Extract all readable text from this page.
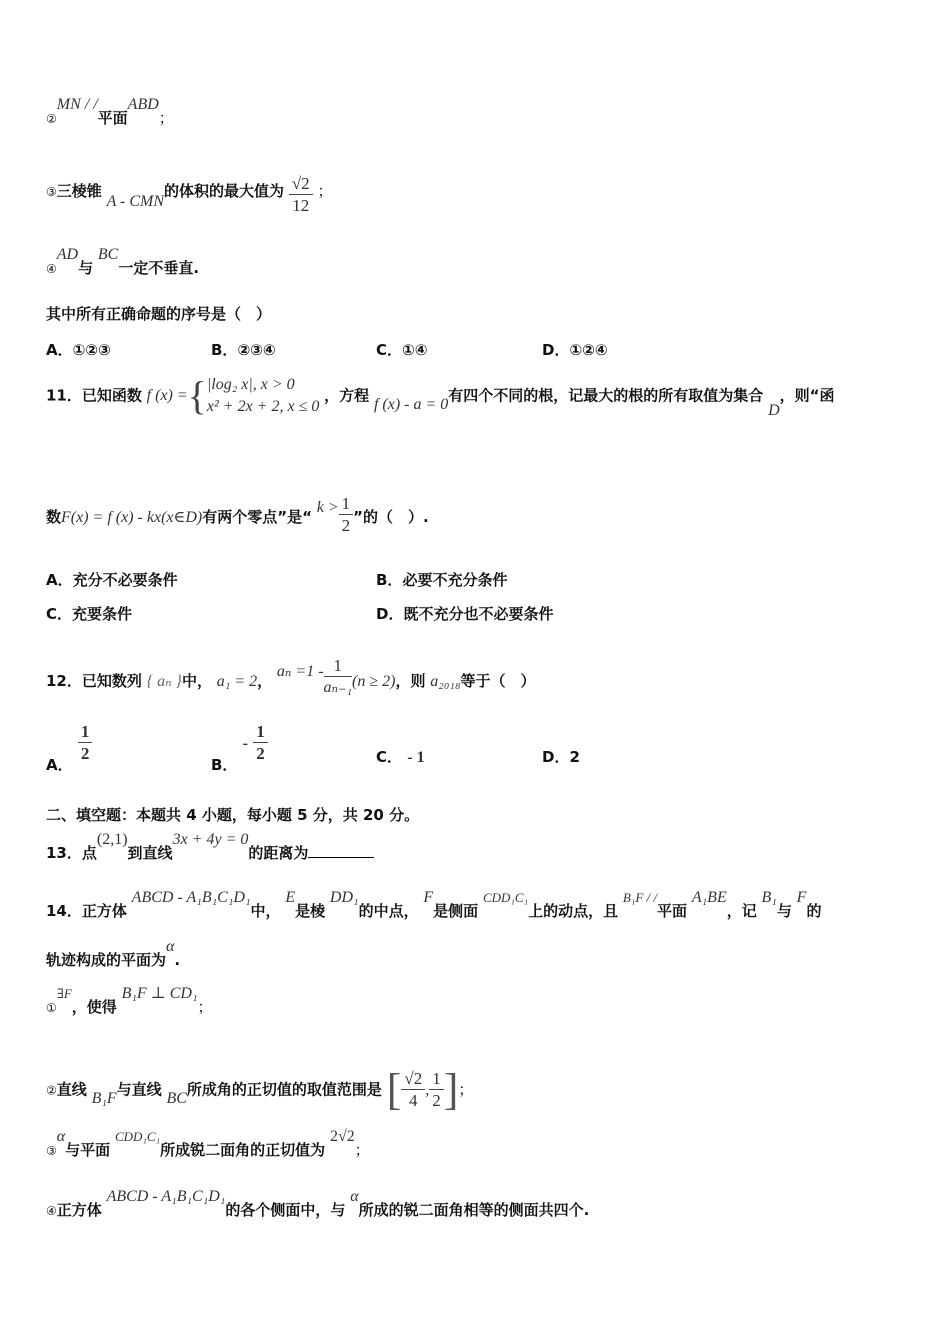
②MN / /平面ABD；
③三棱锥 A - CMN的体积的最大值为 $\frac{√2}{12}$ ；
④AD与 BC一定不垂直.
其中所有正确命题的序号是（　）
A．①②③	B．②③④	C．①④	D．①②④
11．已知函数 f (x) ={ |log₂ x|, x > 0
x² + 2x + 2, x ≤ 0
，方程 f (x) - a = 0有四个不同的根，记最大的根的所有取值为集合 D，则“函
数F(x) = f (x) - kx(x∈D)有两个零点”是“ $k > \frac{1}{2}$ ”的（　）.
A．充分不必要条件	B．必要不充分条件
C．充要条件	D．既不充分也不必要条件
12．已知数列 { aₙ }中， a₁ = 2， $a_n =1 - \frac{1}{\text{aₙ₋₁}} (n \ge 2)$，则 a₂₀₁₈等于（　）
A． $\frac{1}{2}$	B． - $\frac{1}{2}$	C． - 1	D．2
二、填空题：本题共 4 小题，每小题 5 分，共 20 分。
13．点(2,1)到直线3x + 4y = 0的距离为
14．正方体 ABCD - A₁B₁C₁D₁中， E是棱 DD₁的中点， F是侧面 CDD₁C₁上的动点，且 B₁F / /平面 A₁BE，记 B₁与 F的
轨迹构成的平面为α.
①∃F，使得 B₁F ⊥ CD₁；
②直线 B₁F与直线 BC所成角的正切值的取值范围是 [ $\frac{√2}{4}$ , $\frac{1}{2}$ ]；
③α与平面 CDD₁C₁所成锐二面角的正切值为 2√2；
④正方体 ABCD - A₁B₁C₁D₁的各个侧面中，与 α所成的锐二面角相等的侧面共四个.
